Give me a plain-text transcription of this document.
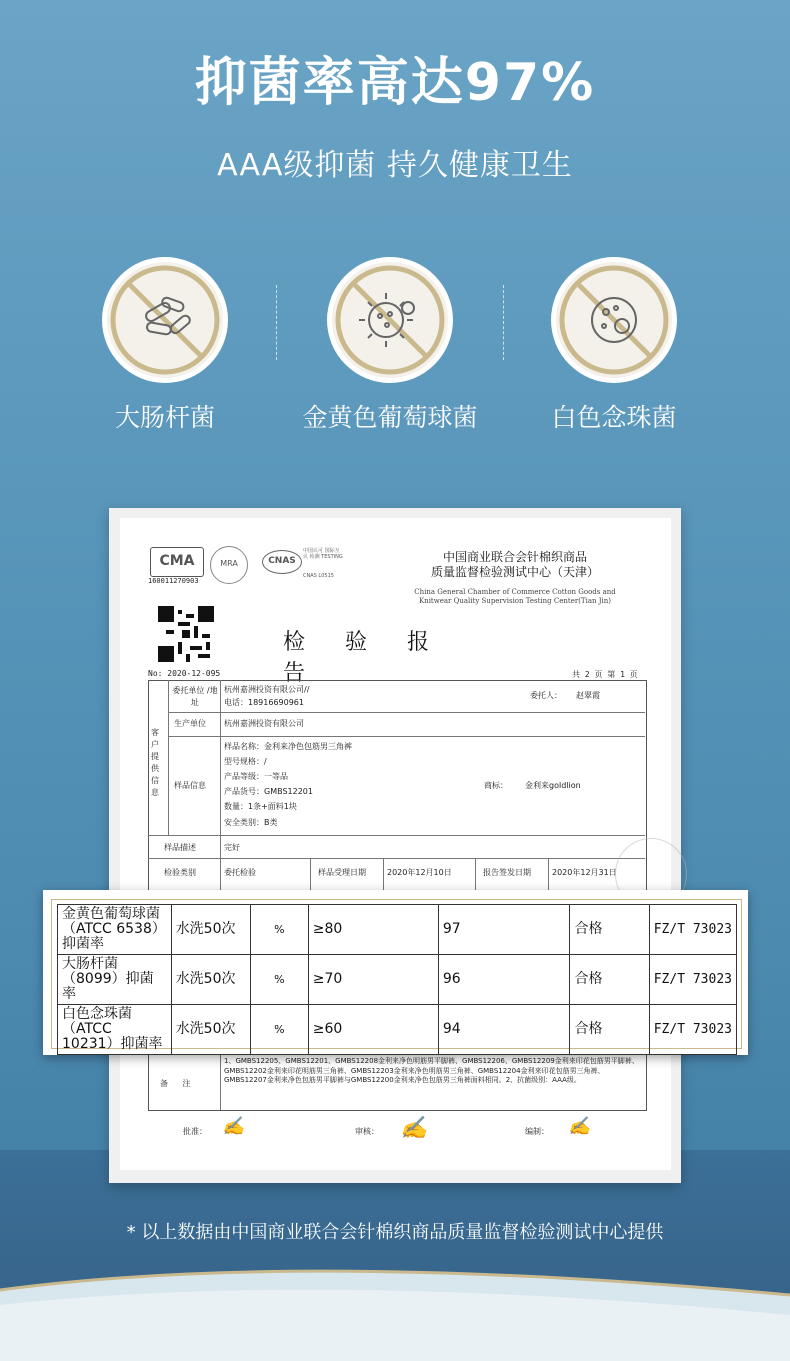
抑菌率高达97%
AAA级抑菌 持久健康卫生
大肠杆菌	金黄色葡萄球菌	白色念珠菌
CMA
160011270903
MRA	CNAS
中国认可 国际互认 检测 TESTING
CNAS L0515
中国商业联合会针棉织商品
质量监督检验测试中心（天津）
China General Chamber of Commerce Cotton Goods and
Knitwear Quality Supervision Testing Center(Tian Jin)
检验报告
No: 2020-12-095	共 2 页 第 1 页
客户提供信息
委托单位 /地址
杭州嘉洲投资有限公司//
电话：18916690961
委托人： 赵翠霞
生产单位 杭州嘉洲投资有限公司
样品信息
样品名称：金利来净色包筋男三角裤
型号规格：/
产品等级：一等品
产品货号：GMBS12201
数量：1条+面料1块
安全类别：B类
商标： 金利来goldlion
样品描述	完好
检验类别	委托检验	样品受理日期	2020年12月10日	报告签发日期	2020年12月31日
备 注
1、GMBS12205、GMBS12201、GMBS12208金利来净色明筋男平脚裤、GMBS12206、GMBS12209金利来印花包筋男平脚裤、GMBS12202金利来印花明筋男三角裤、GMBS12203金利来净色明筋男三角裤、GMBS12204金利来印花包筋男三角裤、GMBS12207金利来净色包筋男平脚裤与GMBS12200金利来净色包筋男三角裤面料相同。2、抗菌级别：AAA级。
批准： ✍	审核： ✍	编制： ✍
金黄色葡萄球菌（ATCC 6538）抑菌率	水洗50次	%	≥80	97	合格	FZ/T 73023
大肠杆菌（8099）抑菌率	水洗50次	%	≥70	96	合格	FZ/T 73023
白色念珠菌（ATCC 10231）抑菌率	水洗50次	%	≥60	94	合格	FZ/T 73023
* 以上数据由中国商业联合会针棉织商品质量监督检验测试中心提供
